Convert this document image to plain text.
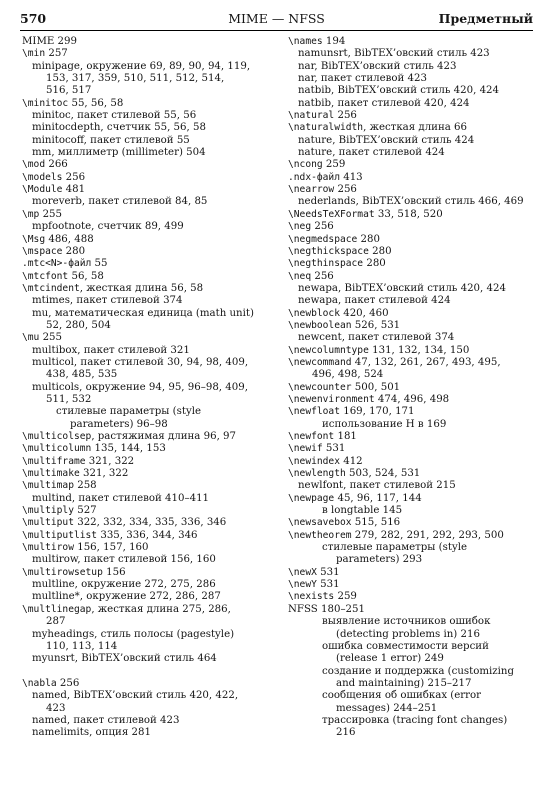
570	MIME — NFSS	Предметный
MIME 299
\min 257
minipage, окружение 69, 89, 90, 94, 119,
153, 317, 359, 510, 511, 512, 514,
516, 517
\minitoc 55, 56, 58
minitoc, пакет стилевой 55, 56
minitocdepth, счетчик 55, 56, 58
minitocoff, пакет стилевой 55
mm, миллиметр (millimeter) 504
\mod 266
\models 256
\Module 481
moreverb, пакет стилевой 84, 85
\mp 255
mpfootnote, счетчик 89, 499
\Msg 486, 488
\mspace 280
.mtc<N>-файл 55
\mtcfont 56, 58
\mtcindent, жесткая длина 56, 58
mtimes, пакет стилевой 374
mu, математическая единица (math unit)
52, 280, 504
\mu 255
multibox, пакет стилевой 321
multicol, пакет стилевой 30, 94, 98, 409,
438, 485, 535
multicols, окружение 94, 95, 96–98, 409,
511, 532
стилевые параметры (style
parameters) 96–98
\multicolsep, растяжимая длина 96, 97
\multicolumn 135, 144, 153
\multiframe 321, 322
\multimake 321, 322
\multimap 258
multind, пакет стилевой 410–411
\multiply 527
\multiput 322, 332, 334, 335, 336, 346
\multiputlist 335, 336, 344, 346
\multirow 156, 157, 160
multirow, пакет стилевой 156, 160
\multirowsetup 156
multline, окружение 272, 275, 286
multline*, окружение 272, 286, 287
\multlinegap, жесткая длина 275, 286,
287
myheadings, стиль полосы (pagestyle)
110, 113, 114
myunsrt, BibTEX’овский стиль 464
\nabla 256
named, BibTEX’овский стиль 420, 422,
423
named, пакет стилевой 423
namelimits, опция 281
\names 194
namunsrt, BibTEX’овский стиль 423
nar, BibTEX’овский стиль 423
nar, пакет стилевой 423
natbib, BibTEX’овский стиль 420, 424
natbib, пакет стилевой 420, 424
\natural 256
\naturalwidth, жесткая длина 66
nature, BibTEX’овский стиль 424
nature, пакет стилевой 424
\ncong 259
.ndx-файл 413
\nearrow 256
nederlands, BibTEX’овский стиль 466, 469
\NeedsTeXFormat 33, 518, 520
\neg 256
\negmedspace 280
\negthickspace 280
\negthinspace 280
\neq 256
newapa, BibTEX’овский стиль 420, 424
newapa, пакет стилевой 424
\newblock 420, 460
\newboolean 526, 531
newcent, пакет стилевой 374
\newcolumntype 131, 132, 134, 150
\newcommand 47, 132, 261, 267, 493, 495,
496, 498, 524
\newcounter 500, 501
\newenvironment 474, 496, 498
\newfloat 169, 170, 171
использование H в 169
\newfont 181
\newif 531
\newindex 412
\newlength 503, 524, 531
newlfont, пакет стилевой 215
\newpage 45, 96, 117, 144
в longtable 145
\newsavebox 515, 516
\newtheorem 279, 282, 291, 292, 293, 500
стилевые параметры (style
parameters) 293
\newX 531
\newY 531
\nexists 259
NFSS 180–251
выявление источников ошибок
(detecting problems in) 216
ошибка совместимости версий
(release 1 error) 249
создание и поддержка (customizing
and maintaining) 215–217
сообщения об ошибках (error
messages) 244–251
трассировка (tracing font changes)
216
